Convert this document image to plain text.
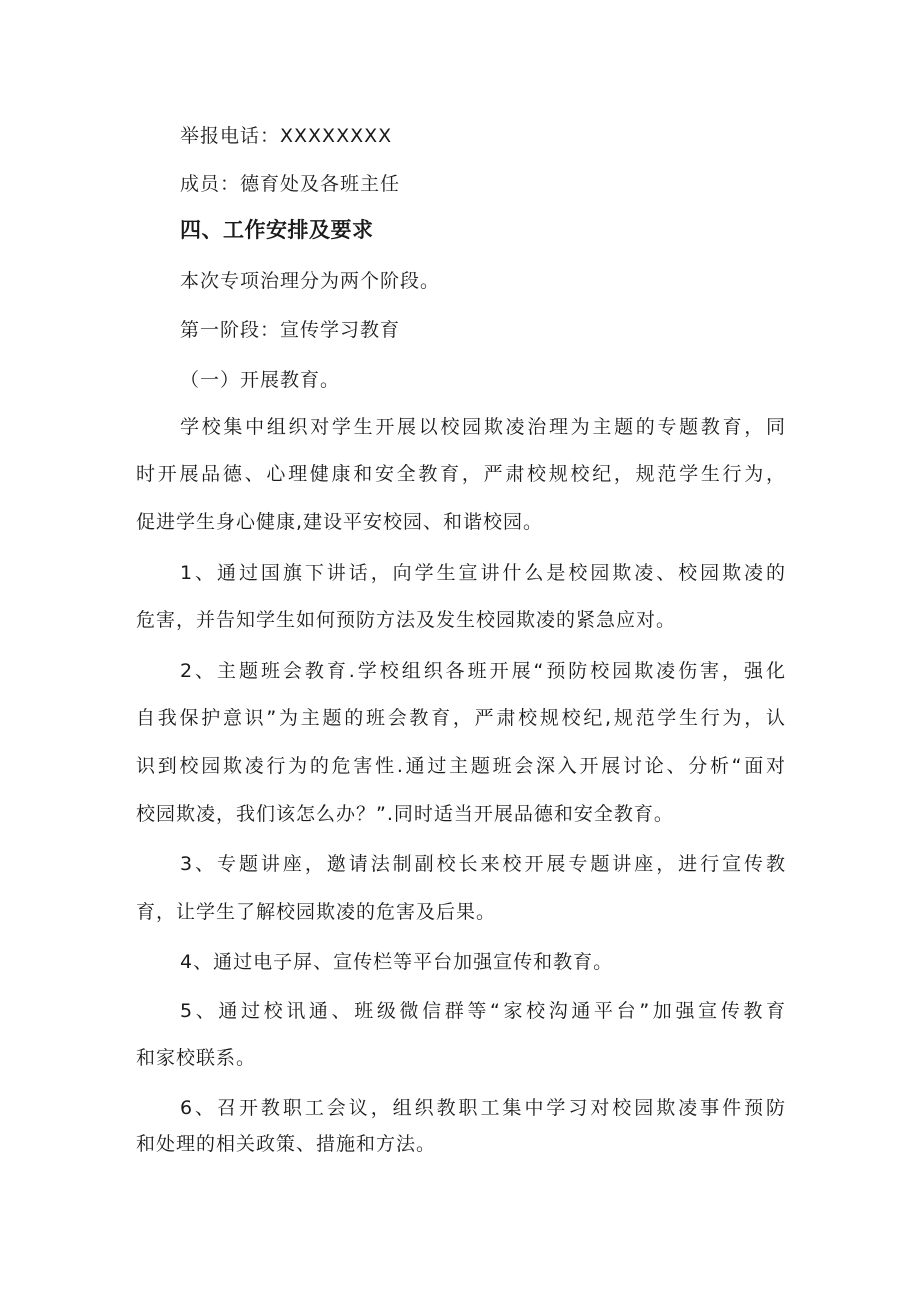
举报电话：XXXXXXXX
成员：德育处及各班主任
四、工作安排及要求
本次专项治理分为两个阶段。
第一阶段：宣传学习教育
（一）开展教育。
学校集中组织对学生开展以校园欺凌治理为主题的专题教育，同
时开展品德、心理健康和安全教育，严肃校规校纪，规范学生行为，
促进学生身心健康,建设平安校园、和谐校园。
1、通过国旗下讲话，向学生宣讲什么是校园欺凌、校园欺凌的
危害，并告知学生如何预防方法及发生校园欺凌的紧急应对。
2、主题班会教育.学校组织各班开展“预防校园欺凌伤害，强化
自我保护意识”为主题的班会教育，严肃校规校纪,规范学生行为，认
识到校园欺凌行为的危害性.通过主题班会深入开展讨论、分析“面对
校园欺凌，我们该怎么办？”.同时适当开展品德和安全教育。
3、专题讲座，邀请法制副校长来校开展专题讲座，进行宣传教
育，让学生了解校园欺凌的危害及后果。
4、通过电子屏、宣传栏等平台加强宣传和教育。
5、通过校讯通、班级微信群等“家校沟通平台”加强宣传教育
和家校联系。
6、召开教职工会议，组织教职工集中学习对校园欺凌事件预防
和处理的相关政策、措施和方法。
